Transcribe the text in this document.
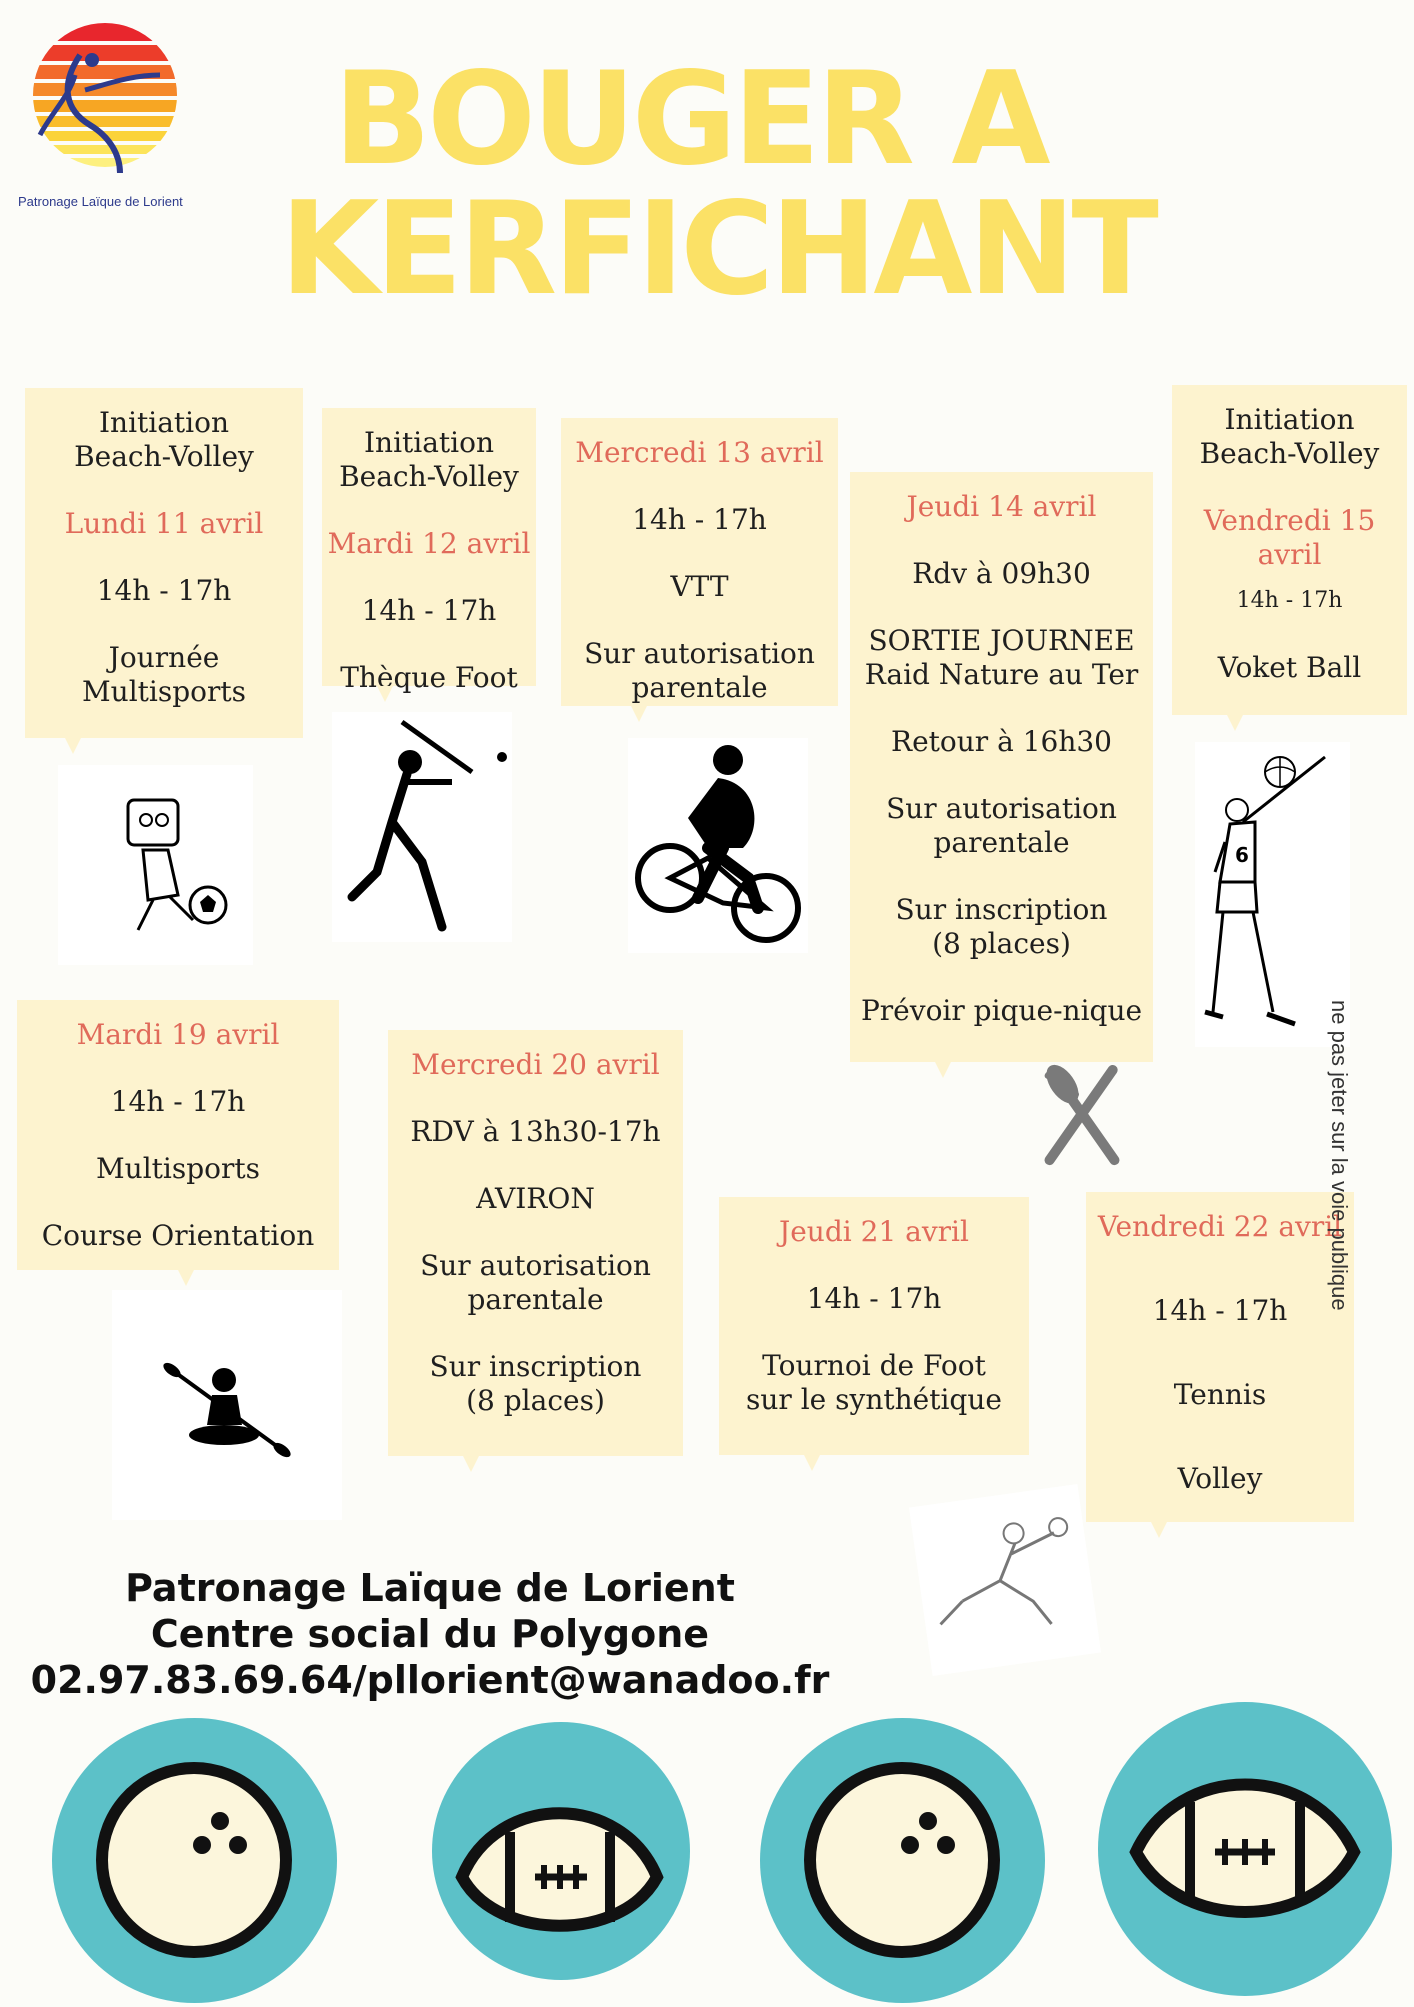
Patronage Laïque de Lorient
BOUGER A
KERFICHANT
Initiation
Beach-Volley
Lundi 11 avril
14h - 17h
Journée
Multisports
Initiation
Beach-Volley
Mardi 12 avril
14h - 17h
Thèque Foot
Mercredi 13 avril
14h - 17h
VTT
Sur autorisation
parentale
Jeudi 14 avril
Rdv à 09h30
SORTIE JOURNEE
Raid Nature au Ter
Retour à 16h30
Sur autorisation
parentale
Sur inscription
(8 places)
Prévoir pique-nique
Initiation
Beach-Volley
Vendredi 15
avril
14h - 17h
Voket Ball
Mardi 19 avril
14h - 17h
Multisports
Course Orientation
Mercredi 20 avril
RDV à 13h30-17h
AVIRON
Sur autorisation
parentale
Sur inscription
(8 places)
Jeudi 21 avril
14h - 17h
Tournoi de Foot
sur le synthétique
Vendredi 22 avril
14h - 17h
Tennis
Volley
6
ne pas jeter sur la voie publique
Patronage Laïque de Lorient
Centre social du Polygone
02.97.83.69.64/pllorient@wanadoo.fr
